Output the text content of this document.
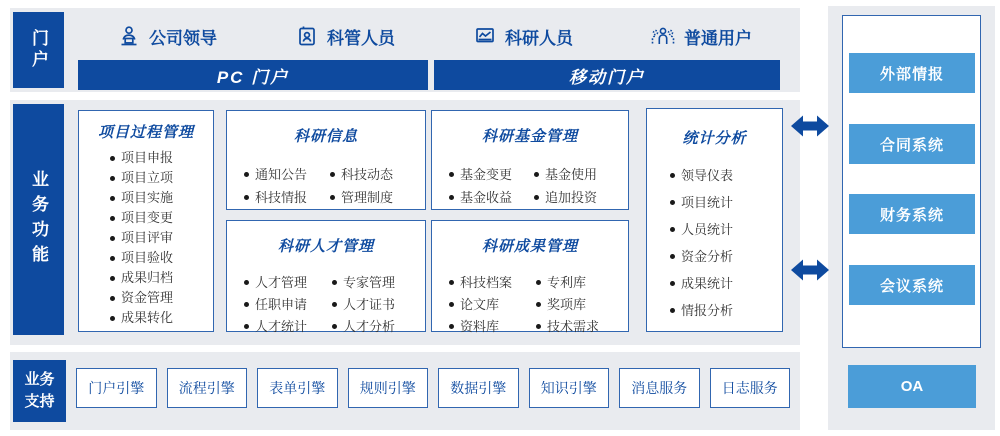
门户	公司领导	科管人员	科研人员	普通用户
PC 门户	移动门户
业务功能
项目过程管理
项目申报
项目立项
项目实施
项目变更
项目评审
项目验收
成果归档
资金管理
成果转化
科研信息
通知公告	科技动态
科技情报	管理制度
科研人才管理
人才管理	专家管理
任职申请	人才证书
人才统计	人才分析
科研基金管理
基金变更	基金使用
基金收益	追加投资
科研成果管理
科技档案	专利库
论文库	奖项库
资料库	技术需求
统计分析
领导仪表
项目统计
人员统计
资金分析
成果统计
情报分析
业务
支持
门户引擎	流程引擎	表单引擎	规则引擎	数据引擎	知识引擎	消息服务	日志服务
外部情报
合同系统
财务系统
会议系统
OA
